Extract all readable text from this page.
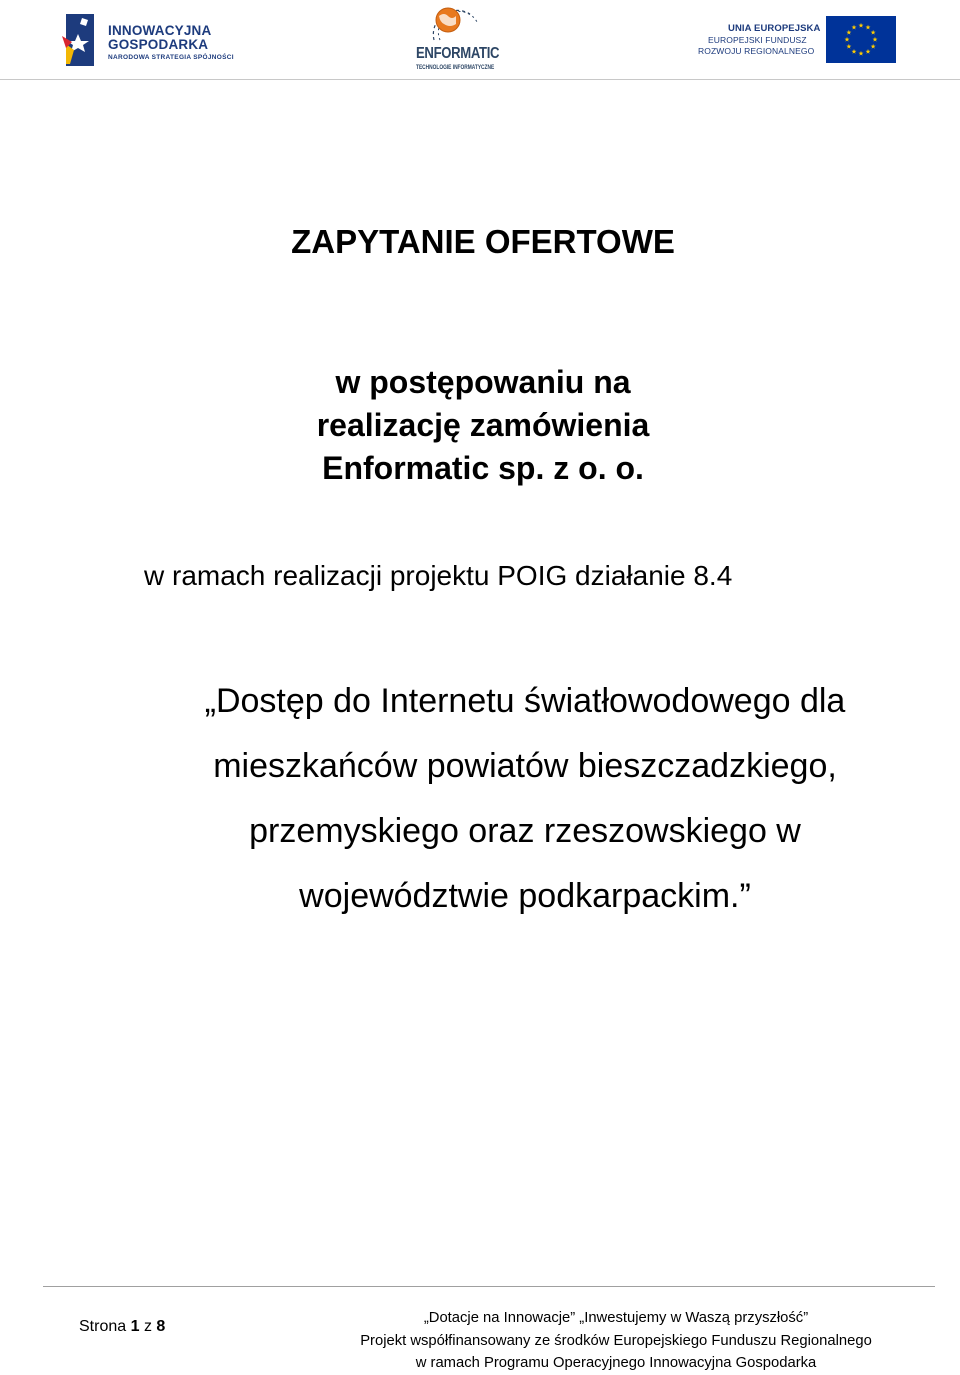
INNOWACYJNA
GOSPODARKA
NARODOWA STRATEGIA SPÓJNOŚCI	ENFORMATIC
TECHNOLOGIE INFORMATYCZNE
UNIA EUROPEJSKA
EUROPEJSKI FUNDUSZ
ROZWOJU REGIONALNEGO
ZAPYTANIE OFERTOWE
w postępowaniu na
realizację zamówienia
Enformatic sp. z o. o.
w ramach realizacji projektu POIG działanie 8.4
„Dostęp do Internetu światłowodowego dla
mieszkańców powiatów bieszczadzkiego,
przemyskiego oraz rzeszowskiego w
województwie podkarpackim.”
Strona 1 z 8	„Dotacje na Innowacje” „Inwestujemy w Waszą przyszłość”
Projekt współfinansowany ze środków Europejskiego Funduszu Regionalnego
w ramach Programu Operacyjnego Innowacyjna Gospodarka
